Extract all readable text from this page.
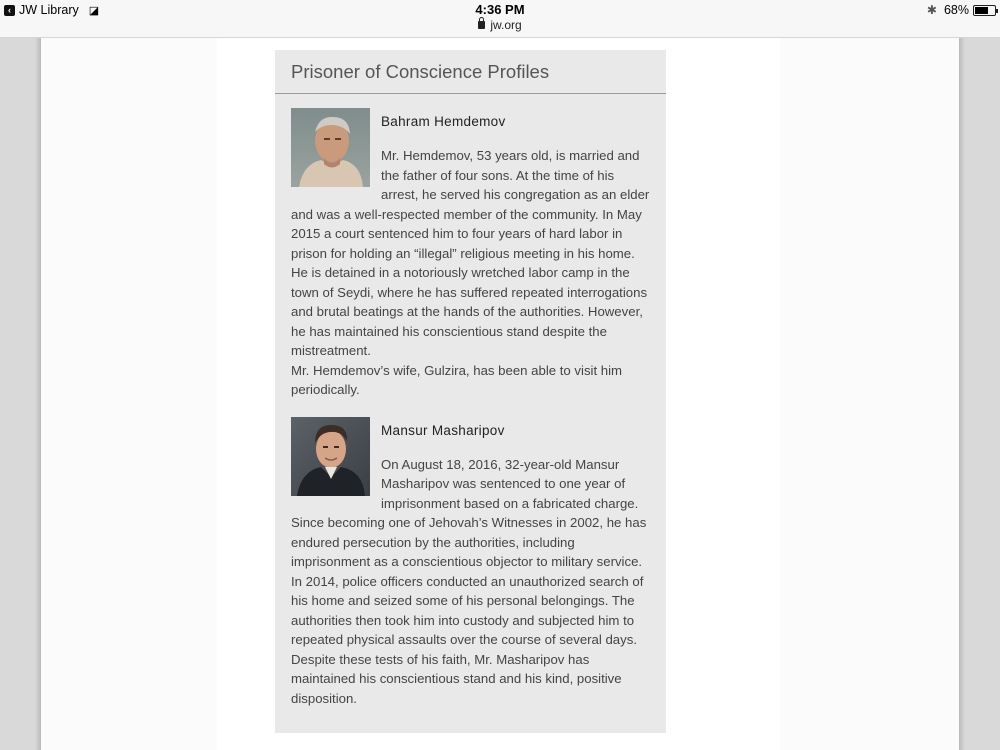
‹ JW Library ◪	4:36 PM
jw.org
✱ 68%
Prisoner of Conscience Profiles
Bahram Hemdemov

Mr. Hemdemov, 53 years old, is married and the father of four sons. At the time of his arrest, he served his congregation as an elder and was a well-respected member of the community. In May 2015 a court sentenced him to four years of hard labor in prison for holding an “illegal” religious meeting in his home. He is detained in a notoriously wretched labor camp in the town of Seydi, where he has suffered repeated interrogations and brutal beatings at the hands of the authorities. However, he has maintained his conscientious stand despite the mistreatment.

Mr. Hemdemov’s wife, Gulzira, has been able to visit him periodically.

Mansur Masharipov

On August 18, 2016, 32-year-old Mansur Masharipov was sentenced to one year of imprisonment based on a fabricated charge. Since becoming one of Jehovah’s Witnesses in 2002, he has endured persecution by the authorities, including imprisonment as a conscientious objector to military service. In 2014, police officers conducted an unauthorized search of his home and seized some of his personal belongings. The authorities then took him into custody and subjected him to repeated physical assaults over the course of several days. Despite these tests of his faith, Mr. Masharipov has maintained his conscientious stand and his kind, positive disposition.
